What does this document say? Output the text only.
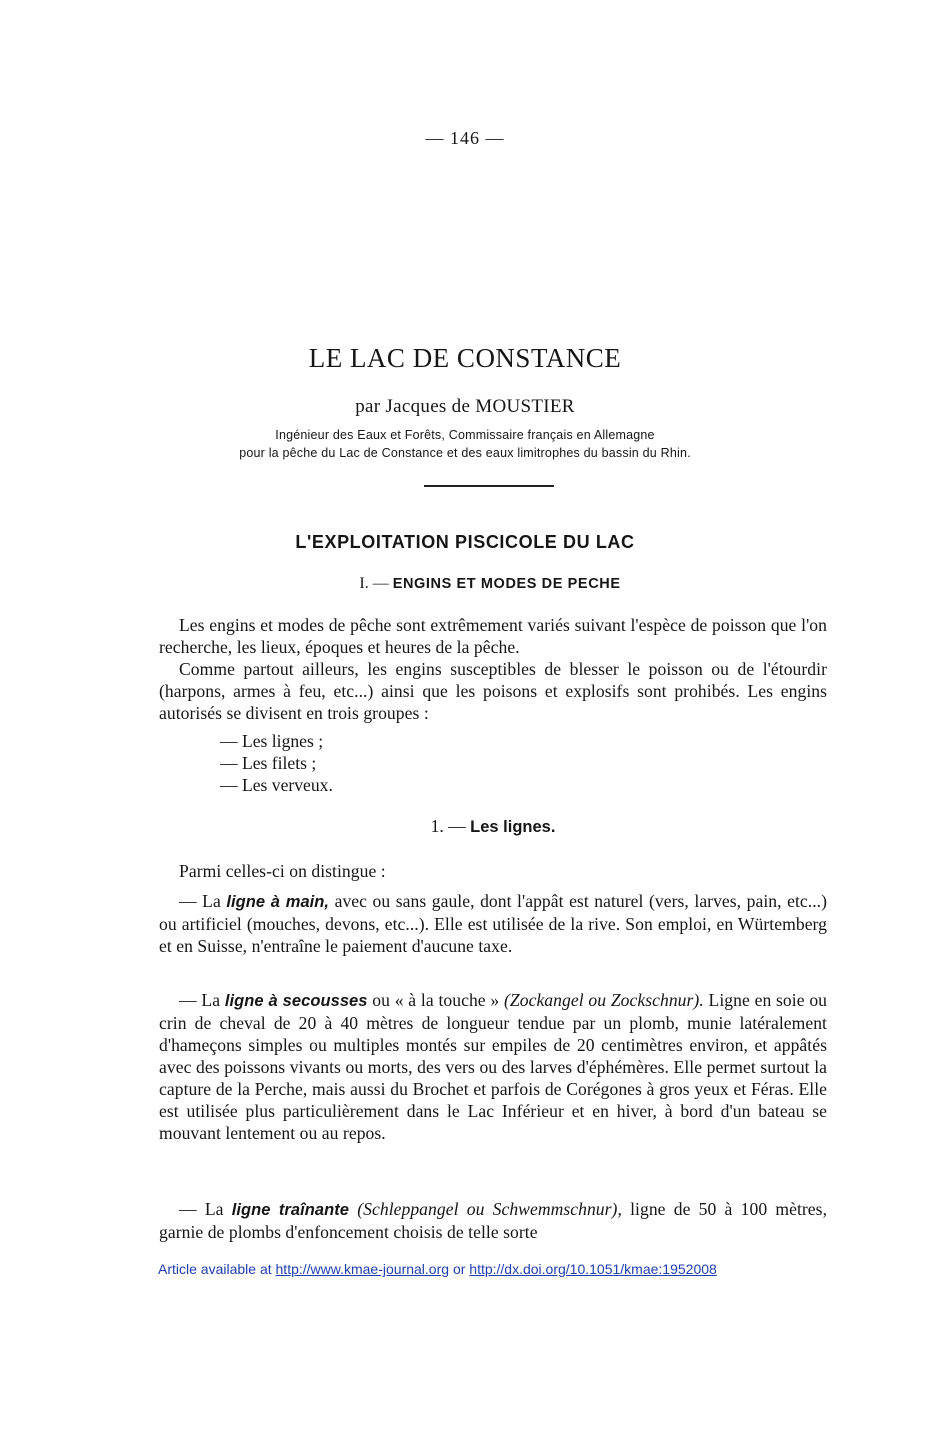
— 146 —
LE LAC DE CONSTANCE
par Jacques de MOUSTIER
Ingénieur des Eaux et Forêts, Commissaire français en Allemagne
pour la pêche du Lac de Constance et des eaux limitrophes du bassin du Rhin.
L'EXPLOITATION PISCICOLE DU LAC
I. — ENGINS ET MODES DE PECHE

Les engins et modes de pêche sont extrêmement variés suivant l'espèce de poisson que l'on recherche, les lieux, époques et heures de la pêche.

Comme partout ailleurs, les engins susceptibles de blesser le poisson ou de l'étourdir (harpons, armes à feu, etc...) ainsi que les poisons et explosifs sont prohibés. Les engins autorisés se divisent en trois groupes :

— Les lignes ;
— Les filets ;
— Les verveux.
1. — Les lignes.

Parmi celles-ci on distingue :

— La ligne à main, avec ou sans gaule, dont l'appât est naturel (vers, larves, pain, etc...) ou artificiel (mouches, devons, etc...). Elle est utilisée de la rive. Son emploi, en Würtemberg et en Suisse, n'entraîne le paiement d'aucune taxe.

— La ligne à secousses ou « à la touche » (Zockangel ou Zockschnur). Ligne en soie ou crin de cheval de 20 à 40 mètres de longueur tendue par un plomb, munie latéralement d'hameçons simples ou multiples montés sur empiles de 20 centimètres environ, et appâtés avec des poissons vivants ou morts, des vers ou des larves d'éphémères. Elle permet surtout la capture de la Perche, mais aussi du Brochet et parfois de Corégones à gros yeux et Féras. Elle est utilisée plus particulièrement dans le Lac Inférieur et en hiver, à bord d'un bateau se mouvant lentement ou au repos.

— La ligne traînante (Schleppangel ou Schwemmschnur), ligne de 50 à 100 mètres, garnie de plombs d'enfoncement choisis de telle sorte

Article available at http://www.kmae-journal.org or http://dx.doi.org/10.1051/kmae:1952008
